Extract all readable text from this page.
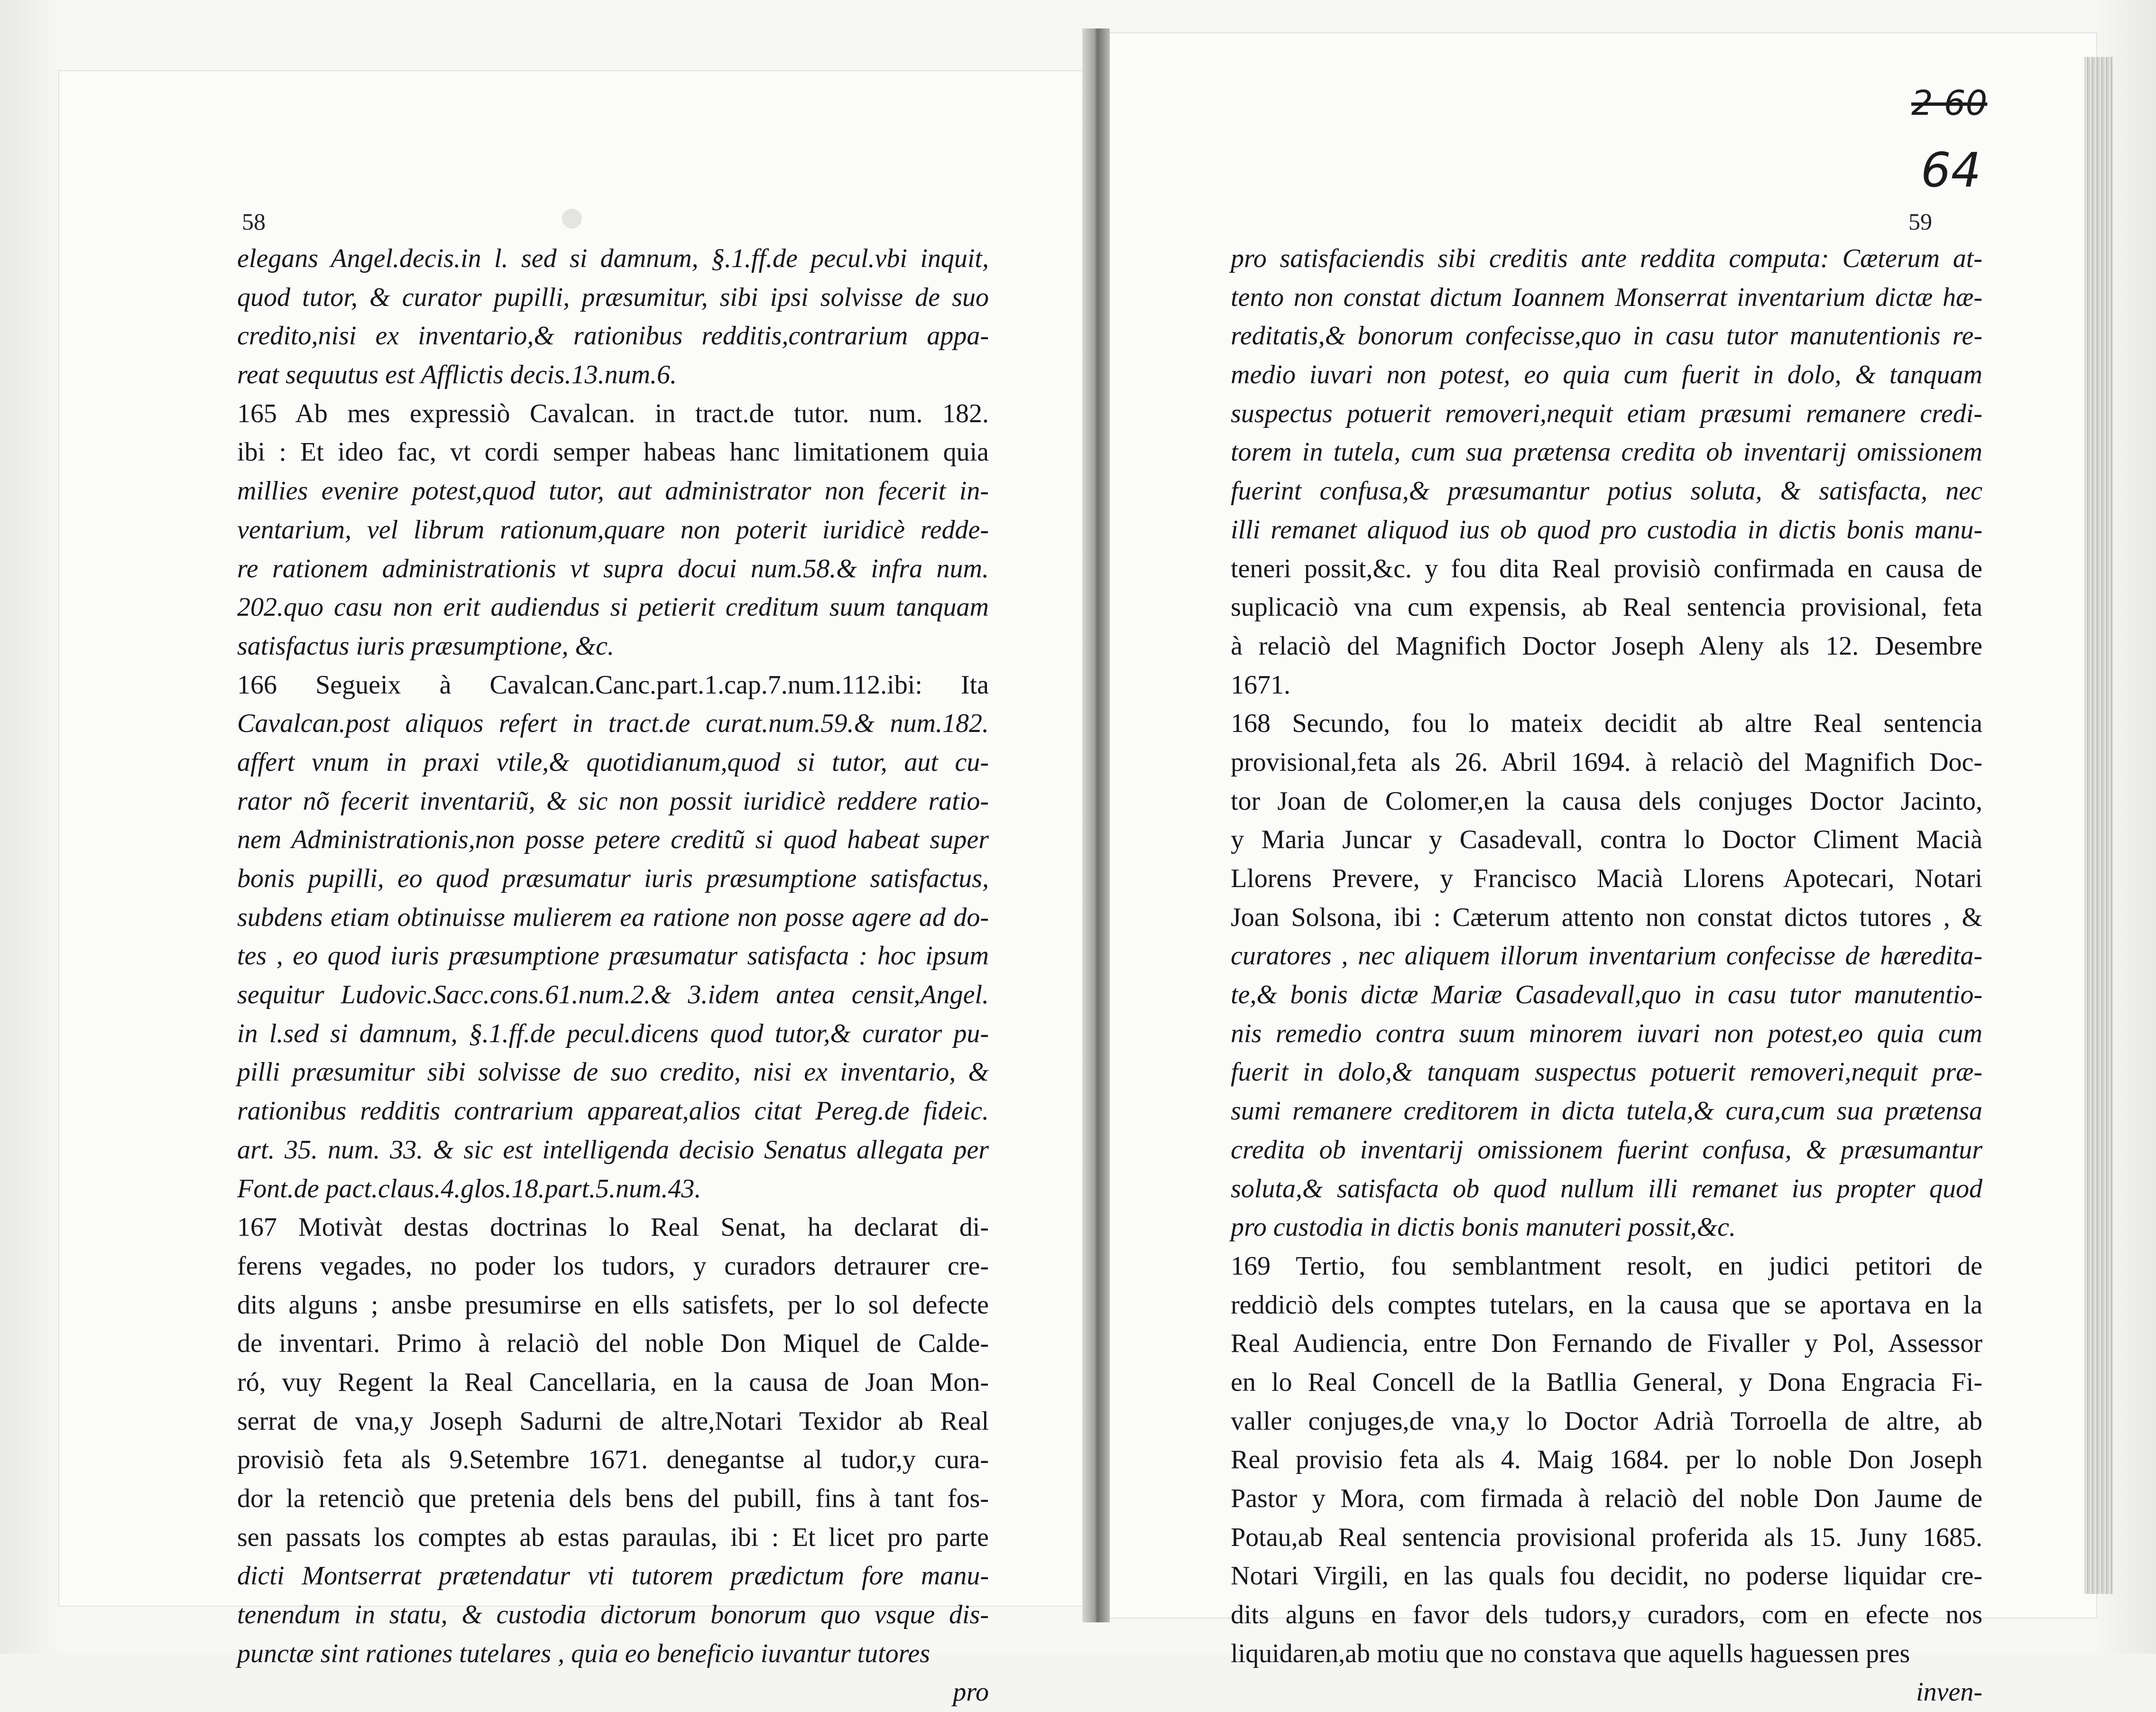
58	59
2 60
64
elegans Angel.decis.in l. sed si damnum, §.1.ff.de pecul.vbi inquit,
quod tutor, & curator pupilli, præsumitur, sibi ipsi solvisse de suo
credito,nisi ex inventario,& rationibus redditis,contrarium appa-
reat sequutus est Afflictis decis.13.num.6.
165 Ab mes expressiò Cavalcan. in tract.de tutor. num. 182.
ibi : Et ideo fac, vt cordi semper habeas hanc limitationem quia
millies evenire potest,quod tutor, aut administrator non fecerit in-
ventarium, vel librum rationum,quare non poterit iuridicè redde-
re rationem administrationis vt supra docui num.58.& infra num.
202.quo casu non erit audiendus si petierit creditum suum tanquam
satisfactus iuris præsumptione, &c.
166 Segueix à Cavalcan.Canc.part.1.cap.7.num.112.ibi: Ita
Cavalcan.post aliquos refert in tract.de curat.num.59.& num.182.
affert vnum in praxi vtile,& quotidianum,quod si tutor, aut cu-
rator nõ fecerit inventariũ, & sic non possit iuridicè reddere ratio-
nem Administrationis,non posse petere creditũ si quod habeat super
bonis pupilli, eo quod præsumatur iuris præsumptione satisfactus,
subdens etiam obtinuisse mulierem ea ratione non posse agere ad do-
tes , eo quod iuris præsumptione præsumatur satisfacta : hoc ipsum
sequitur Ludovic.Sacc.cons.61.num.2.& 3.idem antea censit,Angel.
in l.sed si damnum, §.1.ff.de pecul.dicens quod tutor,& curator pu-
pilli præsumitur sibi solvisse de suo credito, nisi ex inventario, &
rationibus redditis contrarium appareat,alios citat Pereg.de fideic.
art. 35. num. 33. & sic est intelligenda decisio Senatus allegata per
Font.de pact.claus.4.glos.18.part.5.num.43.
167 Motivàt destas doctrinas lo Real Senat, ha declarat di-
ferens vegades, no poder los tudors, y curadors detraurer cre-
dits alguns ; ansbe presumirse en ells satisfets, per lo sol defecte
de inventari. Primo à relaciò del noble Don Miquel de Calde-
ró, vuy Regent la Real Cancellaria, en la causa de Joan Mon-
serrat de vna,y Joseph Sadurni de altre,Notari Texidor ab Real
provisiò feta als 9.Setembre 1671. denegantse al tudor,y cura-
dor la retenciò que pretenia dels bens del pubill, fins à tant fos-
sen passats los comptes ab estas paraulas, ibi : Et licet pro parte
dicti Montserrat prætendatur vti tutorem prædictum fore manu-
tenendum in statu, & custodia dictorum bonorum quo vsque dis-
punctæ sint rationes tutelares , quia eo beneficio iuvantur tutores
pro
pro satisfaciendis sibi creditis ante reddita computa: Cæterum at-
tento non constat dictum Ioannem Monserrat inventarium dictæ hæ-
reditatis,& bonorum confecisse,quo in casu tutor manutentionis re-
medio iuvari non potest, eo quia cum fuerit in dolo, & tanquam
suspectus potuerit removeri,nequit etiam præsumi remanere credi-
torem in tutela, cum sua prætensa credita ob inventarij omissionem
fuerint confusa,& præsumantur potius soluta, & satisfacta, nec
illi remanet aliquod ius ob quod pro custodia in dictis bonis manu-
teneri possit,&c. y fou dita Real provisiò confirmada en causa de
suplicaciò vna cum expensis, ab Real sentencia provisional, feta
à relaciò del Magnifich Doctor Joseph Aleny als 12. Desembre
1671.
168 Secundo, fou lo mateix decidit ab altre Real sentencia
provisional,feta als 26. Abril 1694. à relaciò del Magnifich Doc-
tor Joan de Colomer,en la causa dels conjuges Doctor Jacinto,
y Maria Juncar y Casadevall, contra lo Doctor Climent Macià
Llorens Prevere, y Francisco Macià Llorens Apotecari, Notari
Joan Solsona, ibi : Cæterum attento non constat dictos tutores , &
curatores , nec aliquem illorum inventarium confecisse de hæredita-
te,& bonis dictæ Mariæ Casadevall,quo in casu tutor manutentio-
nis remedio contra suum minorem iuvari non potest,eo quia cum
fuerit in dolo,& tanquam suspectus potuerit removeri,nequit præ-
sumi remanere creditorem in dicta tutela,& cura,cum sua prætensa
credita ob inventarij omissionem fuerint confusa, & præsumantur
soluta,& satisfacta ob quod nullum illi remanet ius propter quod
pro custodia in dictis bonis manuteri possit,&c.
169 Tertio, fou semblantment resolt, en judici petitori de
reddiciò dels comptes tutelars, en la causa que se aportava en la
Real Audiencia, entre Don Fernando de Fivaller y Pol, Assessor
en lo Real Concell de la Batllia General, y Dona Engracia Fi-
valler conjuges,de vna,y lo Doctor Adrià Torroella de altre, ab
Real provisio feta als 4. Maig 1684. per lo noble Don Joseph
Pastor y Mora, com firmada à relaciò del noble Don Jaume de
Potau,ab Real sentencia provisional proferida als 15. Juny 1685.
Notari Virgili, en las quals fou decidit, no poderse liquidar cre-
dits alguns en favor dels tudors,y curadors, com en efecte nos
liquidaren,ab motiu que no constava que aquells haguessen pres
inven-
